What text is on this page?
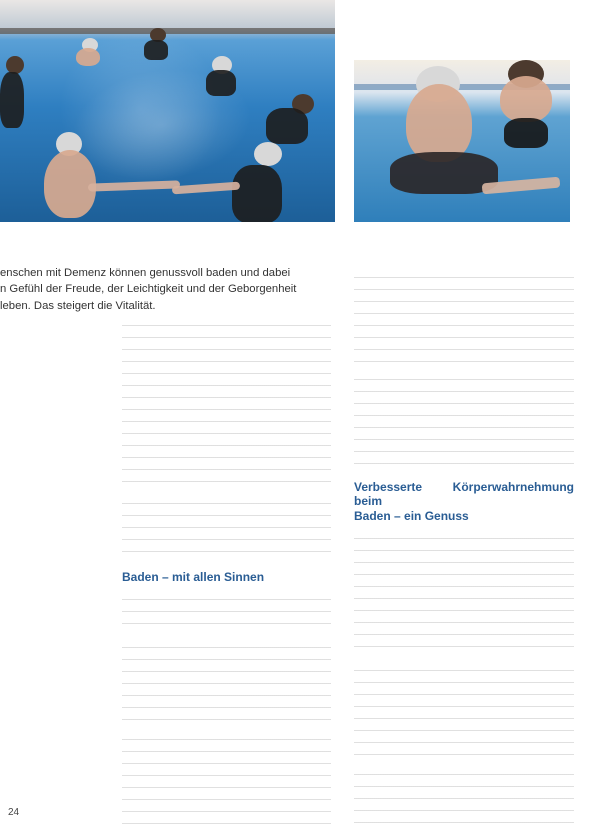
enschen mit Demenz können genussvoll baden und dabei
n Gefühl der Freude, der Leichtigkeit und der Geborgenheit
leben. Das steigert die Vitalität.

Baden – mit allen Sinnen

Verbesserte Körperwahrnehmung beim
Baden – ein Genuss

24
